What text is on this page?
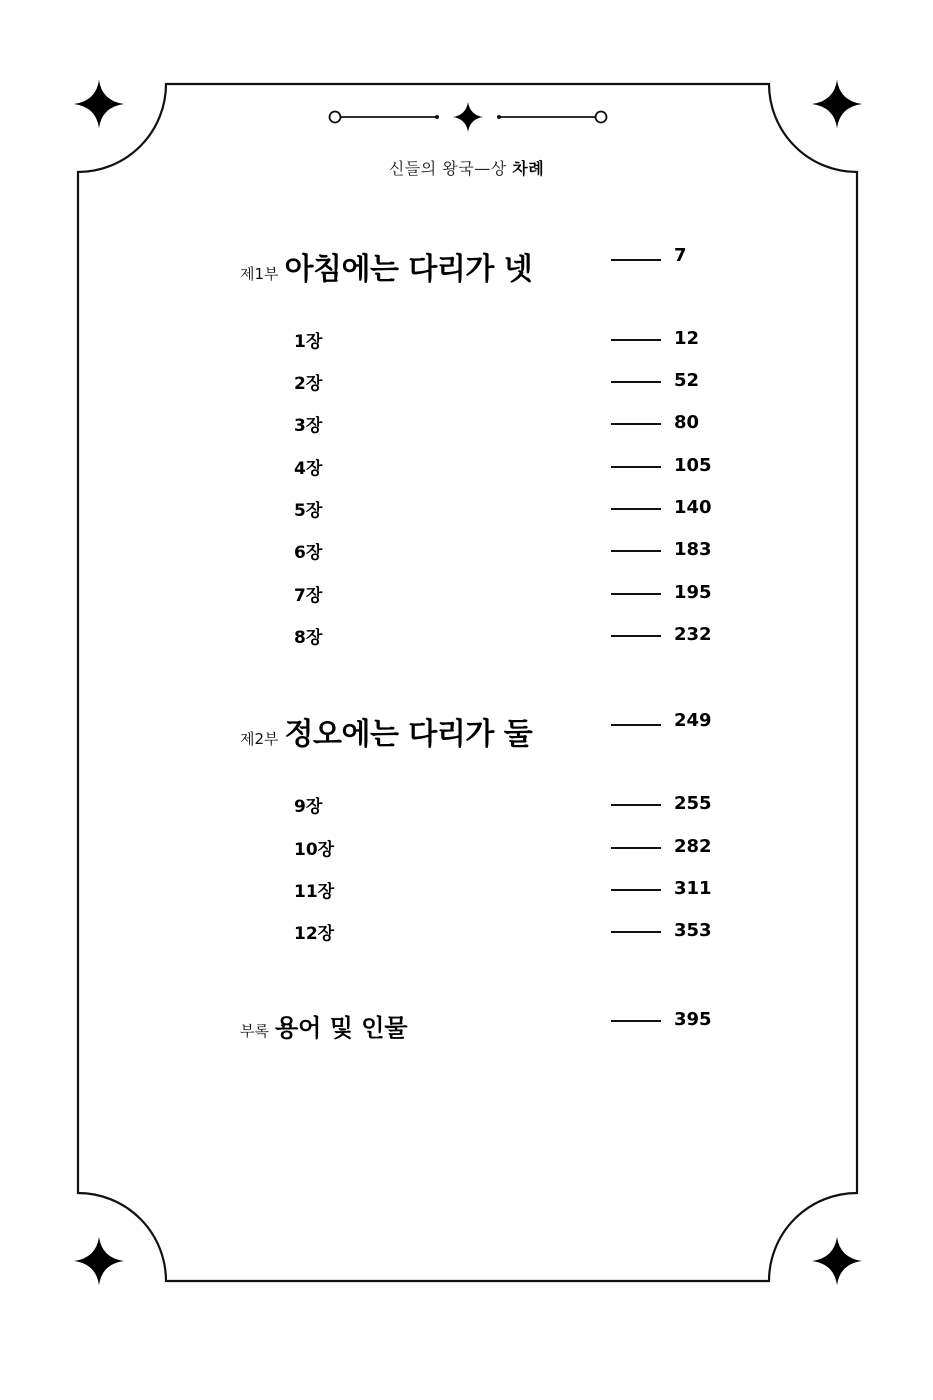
신들의 왕국—상 차례
제1부 아침에는 다리가 넷	7
1장	12
2장	52
3장	80
4장	105
5장	140
6장	183
7장	195
8장	232
제2부 정오에는 다리가 둘	249
9장	255
10장	282
11장	311
12장	353
부록 용어 및 인물	395
